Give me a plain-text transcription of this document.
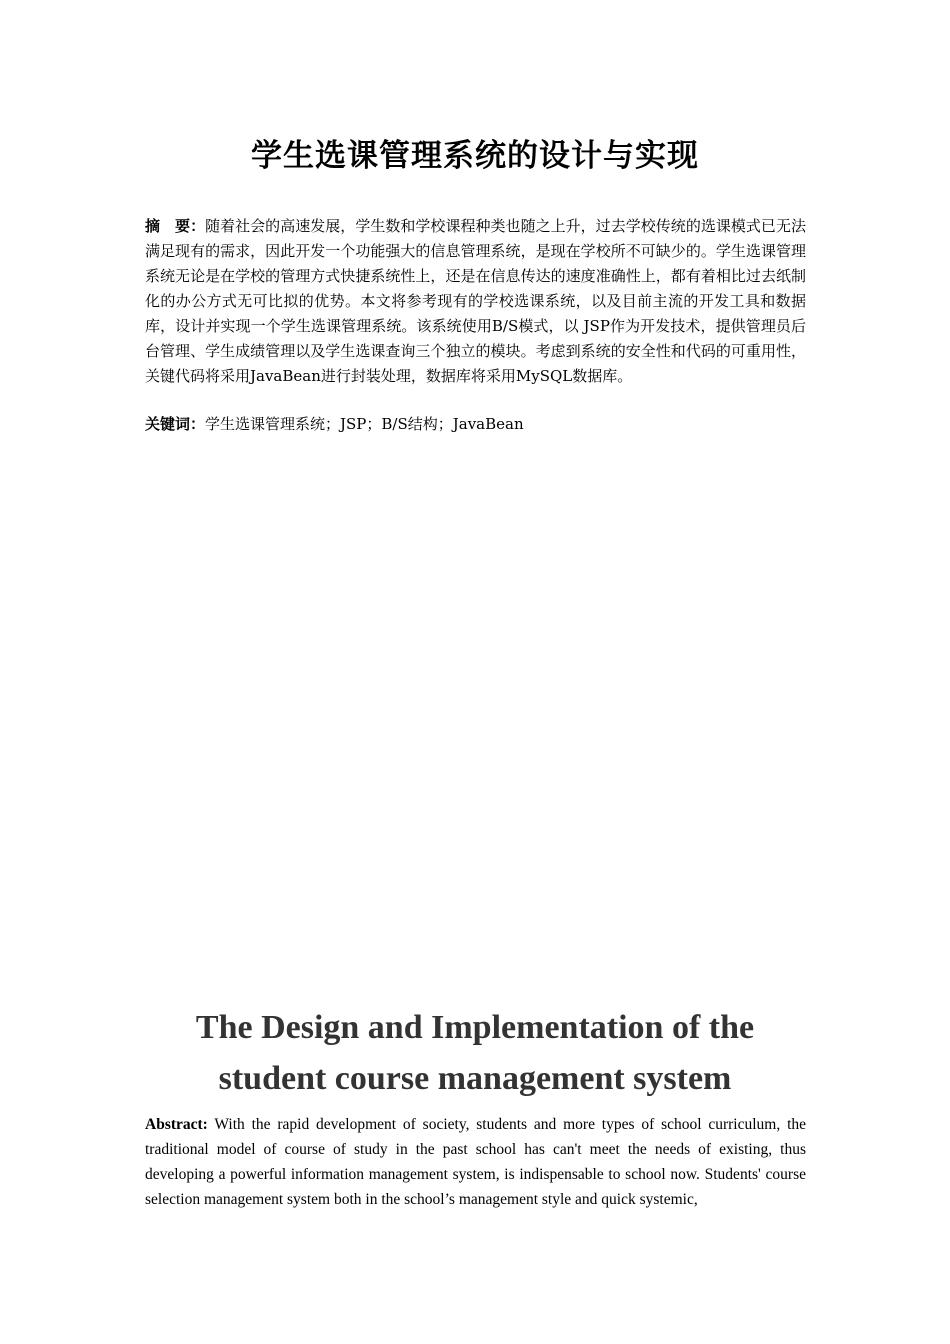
学生选课管理系统的设计与实现
摘　要：随着社会的高速发展，学生数和学校课程种类也随之上升，过去学校传统的选课模式已无法满足现有的需求，因此开发一个功能强大的信息管理系统，是现在学校所不可缺少的。学生选课管理系统无论是在学校的管理方式快捷系统性上，还是在信息传达的速度准确性上，都有着相比过去纸制化的办公方式无可比拟的优势。本文将参考现有的学校选课系统，以及目前主流的开发工具和数据库，设计并实现一个学生选课管理系统。该系统使用B/S模式，以 JSP作为开发技术，提供管理员后台管理、学生成绩管理以及学生选课查询三个独立的模块。考虑到系统的安全性和代码的可重用性，关键代码将采用JavaBean进行封装处理，数据库将采用MySQL数据库。
关键词：学生选课管理系统；JSP；B/S结构；JavaBean
The Design and Implementation of the
student course management system
Abstract: With the rapid development of society, students and more types of school curriculum, the traditional model of course of study in the past school has can't meet the needs of existing, thus developing a powerful information management system, is indispensable to school now. Students' course selection management system both in the school’s management style and quick systemic,
